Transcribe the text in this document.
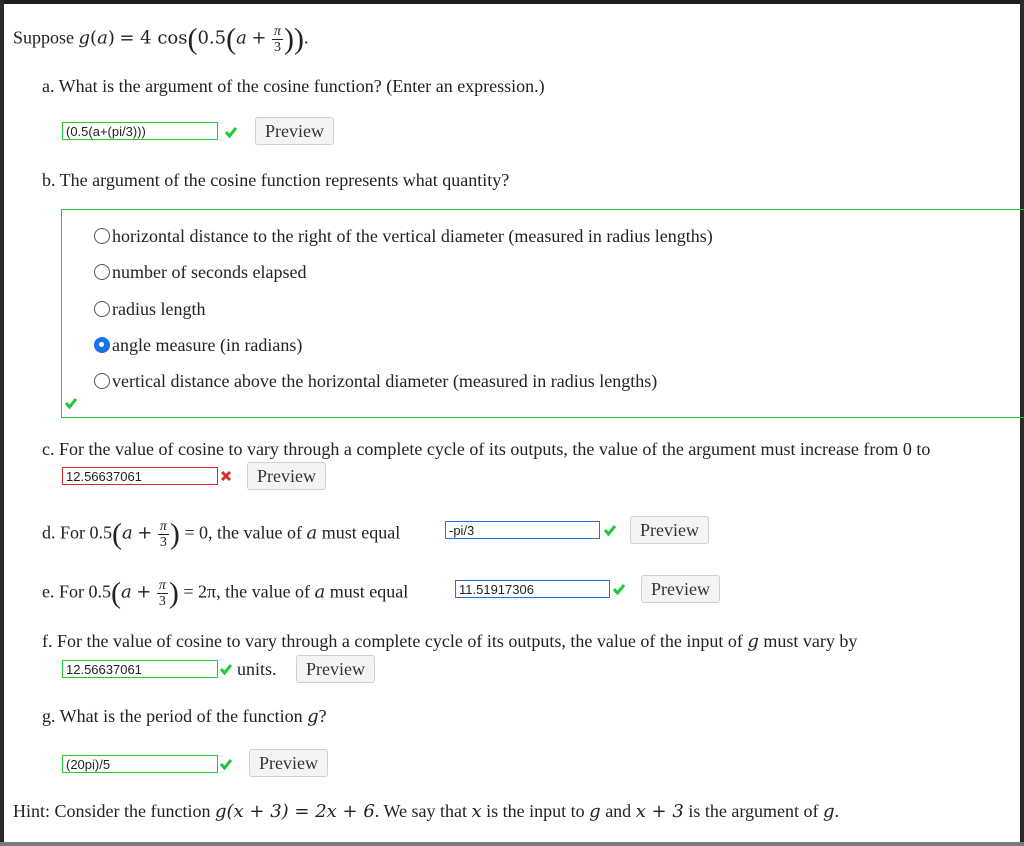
Suppose g(a) = 4 $\cos(0.5(a + \frac{\pi}{3}$ )).
a. What is the argument of the cosine function? (Enter an expression.)
(0.5(a+(pi/3)))
Preview
b. The argument of the cosine function represents what quantity?
horizontal distance to the right of the vertical diameter (measured in radius lengths)
number of seconds elapsed
radius length
angle measure (in radians)
vertical distance above the horizontal diameter (measured in radius lengths)
c. For the value of cosine to vary through a complete cycle of its outputs, the value of the argument must increase from 0 to
12.56637061
Preview
d. For $0.5(a + \frac{\pi}{3}$ ) = 0, the value of a must equal
-pi/3	Preview
e. For $0.5(a + \frac{\pi}{3}$ ) = 2π, the value of a must equal
11.51917306	Preview
f. For the value of cosine to vary through a complete cycle of its outputs, the value of the input of g must vary by
12.56637061
units.	Preview
g. What is the period of the function g?
(20pi)/5
Preview
Hint: Consider the function g(x + 3) = 2x + 6. We say that x is the input to g and x + 3 is the argument of g.
